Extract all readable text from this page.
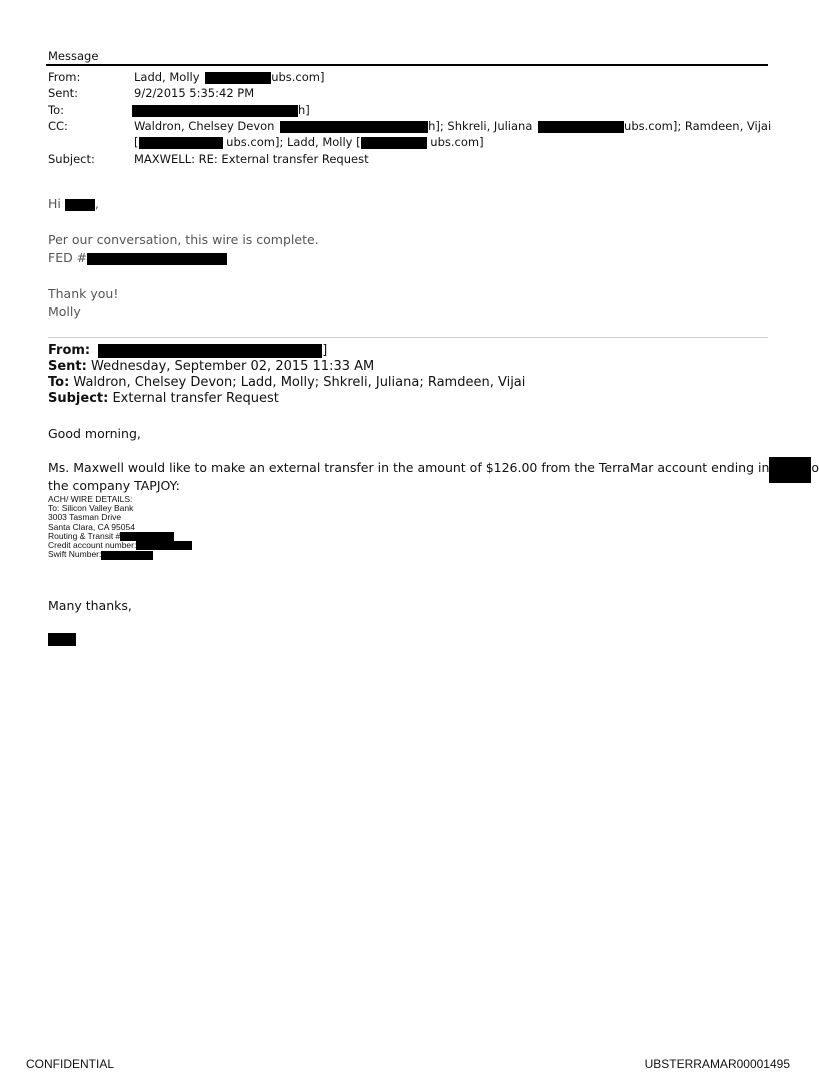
Message
From:	Ladd, Molly	ubs.com]
Sent:	9/2/2015 5:35:42 PM
To:	h]
CC:	Waldron, Chelsey Devon	h]; Shkreli, Juliana	ubs.com]; Ramdeen, Vijai
[	ubs.com]; Ladd, Molly [	ubs.com]
Subject:	MAXWELL: RE: External transfer Request
Hi	,
Per our conversation, this wire is complete.
FED #
Thank you!
Molly
From:	]
Sent: Wednesday, September 02, 2015 11:33 AM
To: Waldron, Chelsey Devon; Ladd, Molly; Shkreli, Juliana; Ramdeen, Vijai
Subject: External transfer Request
Good morning,
Ms. Maxwell would like to make an external transfer in the amount of $126.00 from the TerraMar account ending in	o
the company TAPJOY:
ACH/ WIRE DETAILS:
To: Silicon Valley Bank
3003 Tasman Drive
Santa Clara, CA 95054
Routing & Transit #
Credit account number:
Swift Number:
Many thanks,
CONFIDENTIAL	UBSTERRAMAR00001495
